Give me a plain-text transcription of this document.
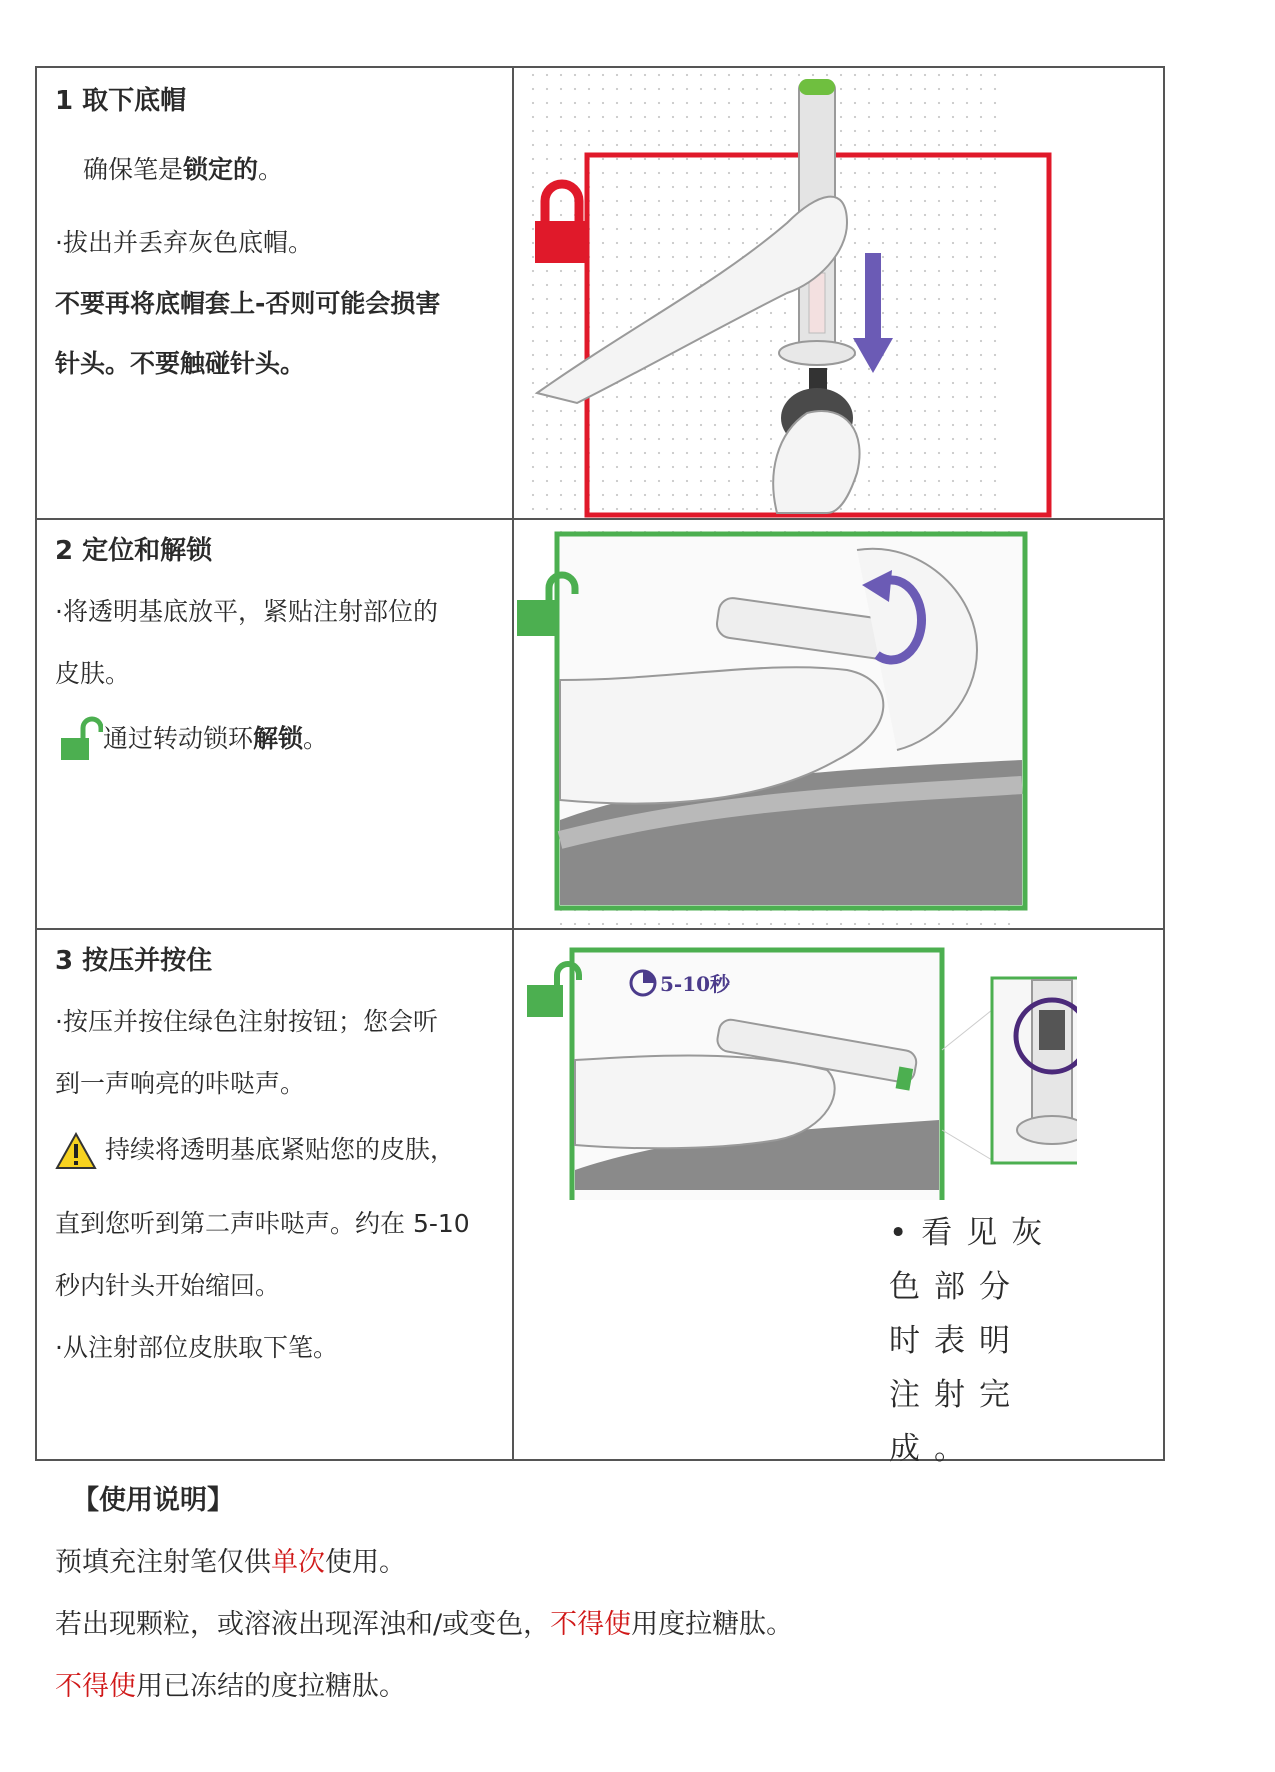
1 取下底帽

确保笔是锁定的。
·拔出并丢弃灰色底帽。
不要再将底帽套上-否则可能会损害
针头。不要触碰针头。

2 定位和解锁

·将透明基底放平，紧贴注射部位的
皮肤。
通过转动锁环解锁。

3 按压并按住

·按压并按住绿色注射按钮；您会听
到一声响亮的咔哒声。
持续将透明基底紧贴您的皮肤，
直到您听到第二声咔哒声。约在 5-10
秒内针头开始缩回。
·从注射部位皮肤取下笔。
5-10秒
•看见灰
色部分
时表明
注射完
成。
【使用说明】
预填充注射笔仅供单次使用。
若出现颗粒，或溶液出现浑浊和/或变色，不得使用度拉糖肽。
不得使用已冻结的度拉糖肽。
